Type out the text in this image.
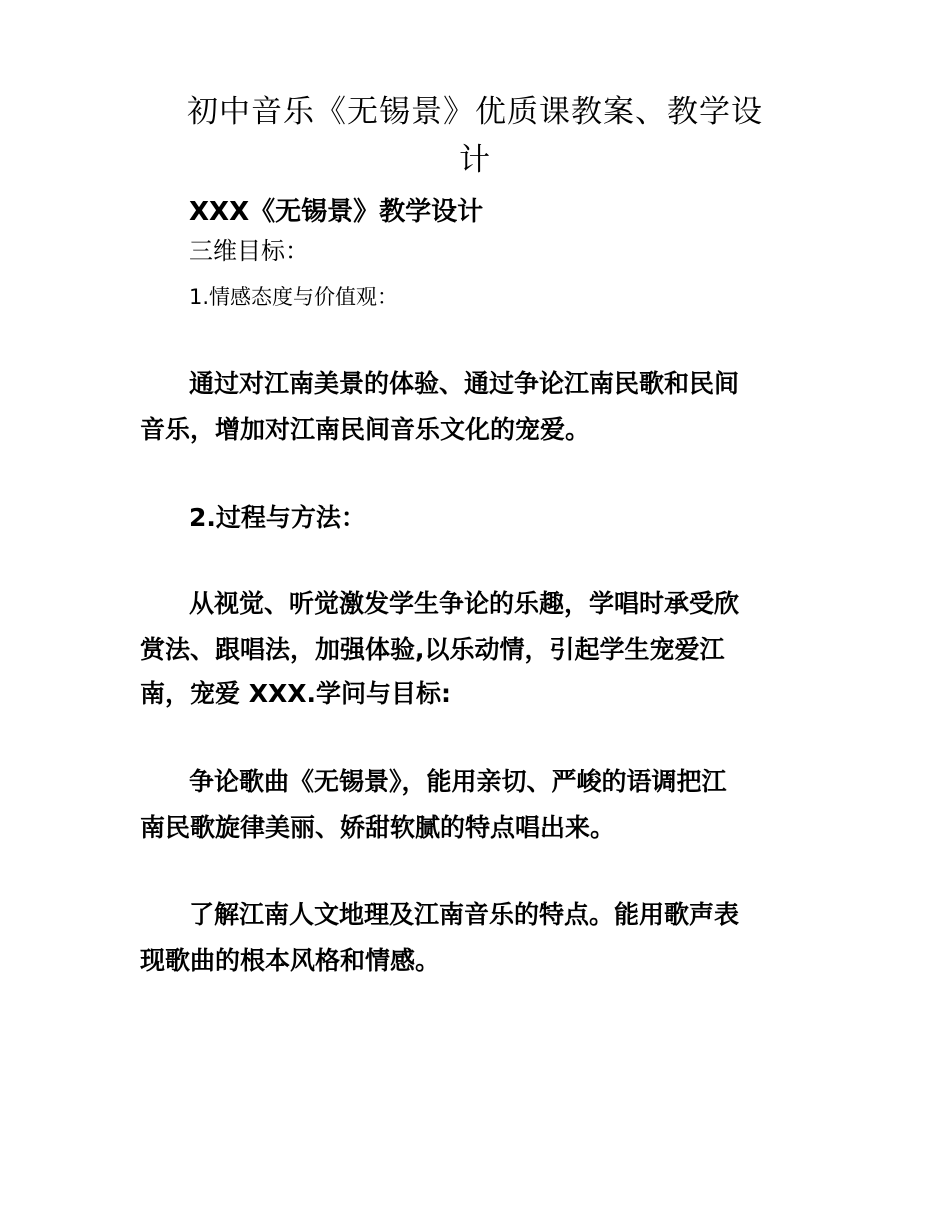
初中音乐《无锡景》优质课教案、教学设
计
XXX《无锡景》教学设计
三维目标：
1.情感态度与价值观：
通过对江南美景的体验、通过争论江南民歌和民间
音乐，增加对江南民间音乐文化的宠爱。
2.过程与方法：
从视觉、听觉激发学生争论的乐趣，学唱时承受欣
赏法、跟唱法，加强体验,以乐动情，引起学生宠爱江
南，宠爱 XXX.学问与目标:
争论歌曲《无锡景》，能用亲切、严峻的语调把江
南民歌旋律美丽、娇甜软腻的特点唱出来。
了解江南人文地理及江南音乐的特点。能用歌声表
现歌曲的根本风格和情感。
